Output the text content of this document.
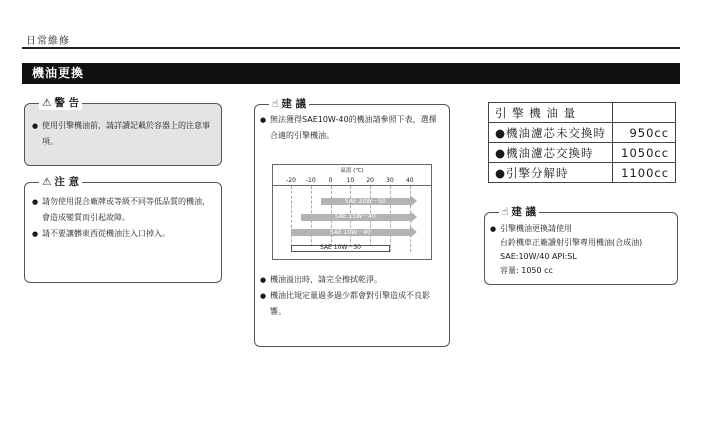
日常維修
機油更換
⚠ 警 告
● 使用引擎機油前，請詳讀記載於容器上的注意事項。
⚠ 注 意
● 請勿使用混合廠牌或等級不同等低品質的機油，會造成變質而引起故障。
● 請不要讓髒東西從機油注入口掉入。
☝ 建 議
● 無法獲得SAE10W-40的機油請參照下表，選擇合適的引擎機油。
氣溫 (℃)
-20 -10 0 10 20 30 40
SAE 20W－50
SAE 15W－40
SAE 10W－40
SAE 10W－30
● 機油溢出時，請完全擦拭乾淨。
● 機油比規定量過多過少都會對引擎造成不良影響。
引 擎 機 油 量	
●機油濾芯未交換時	950cc
●機油濾芯交換時	1050cc
●引擎分解時	1100cc
☝ 建 議
● 引擎機油更換請使用
台鈴機車正廠讀射引擎專用機油(合成油)
SAE:10W/40 API:SL
容量: 1050 cc
